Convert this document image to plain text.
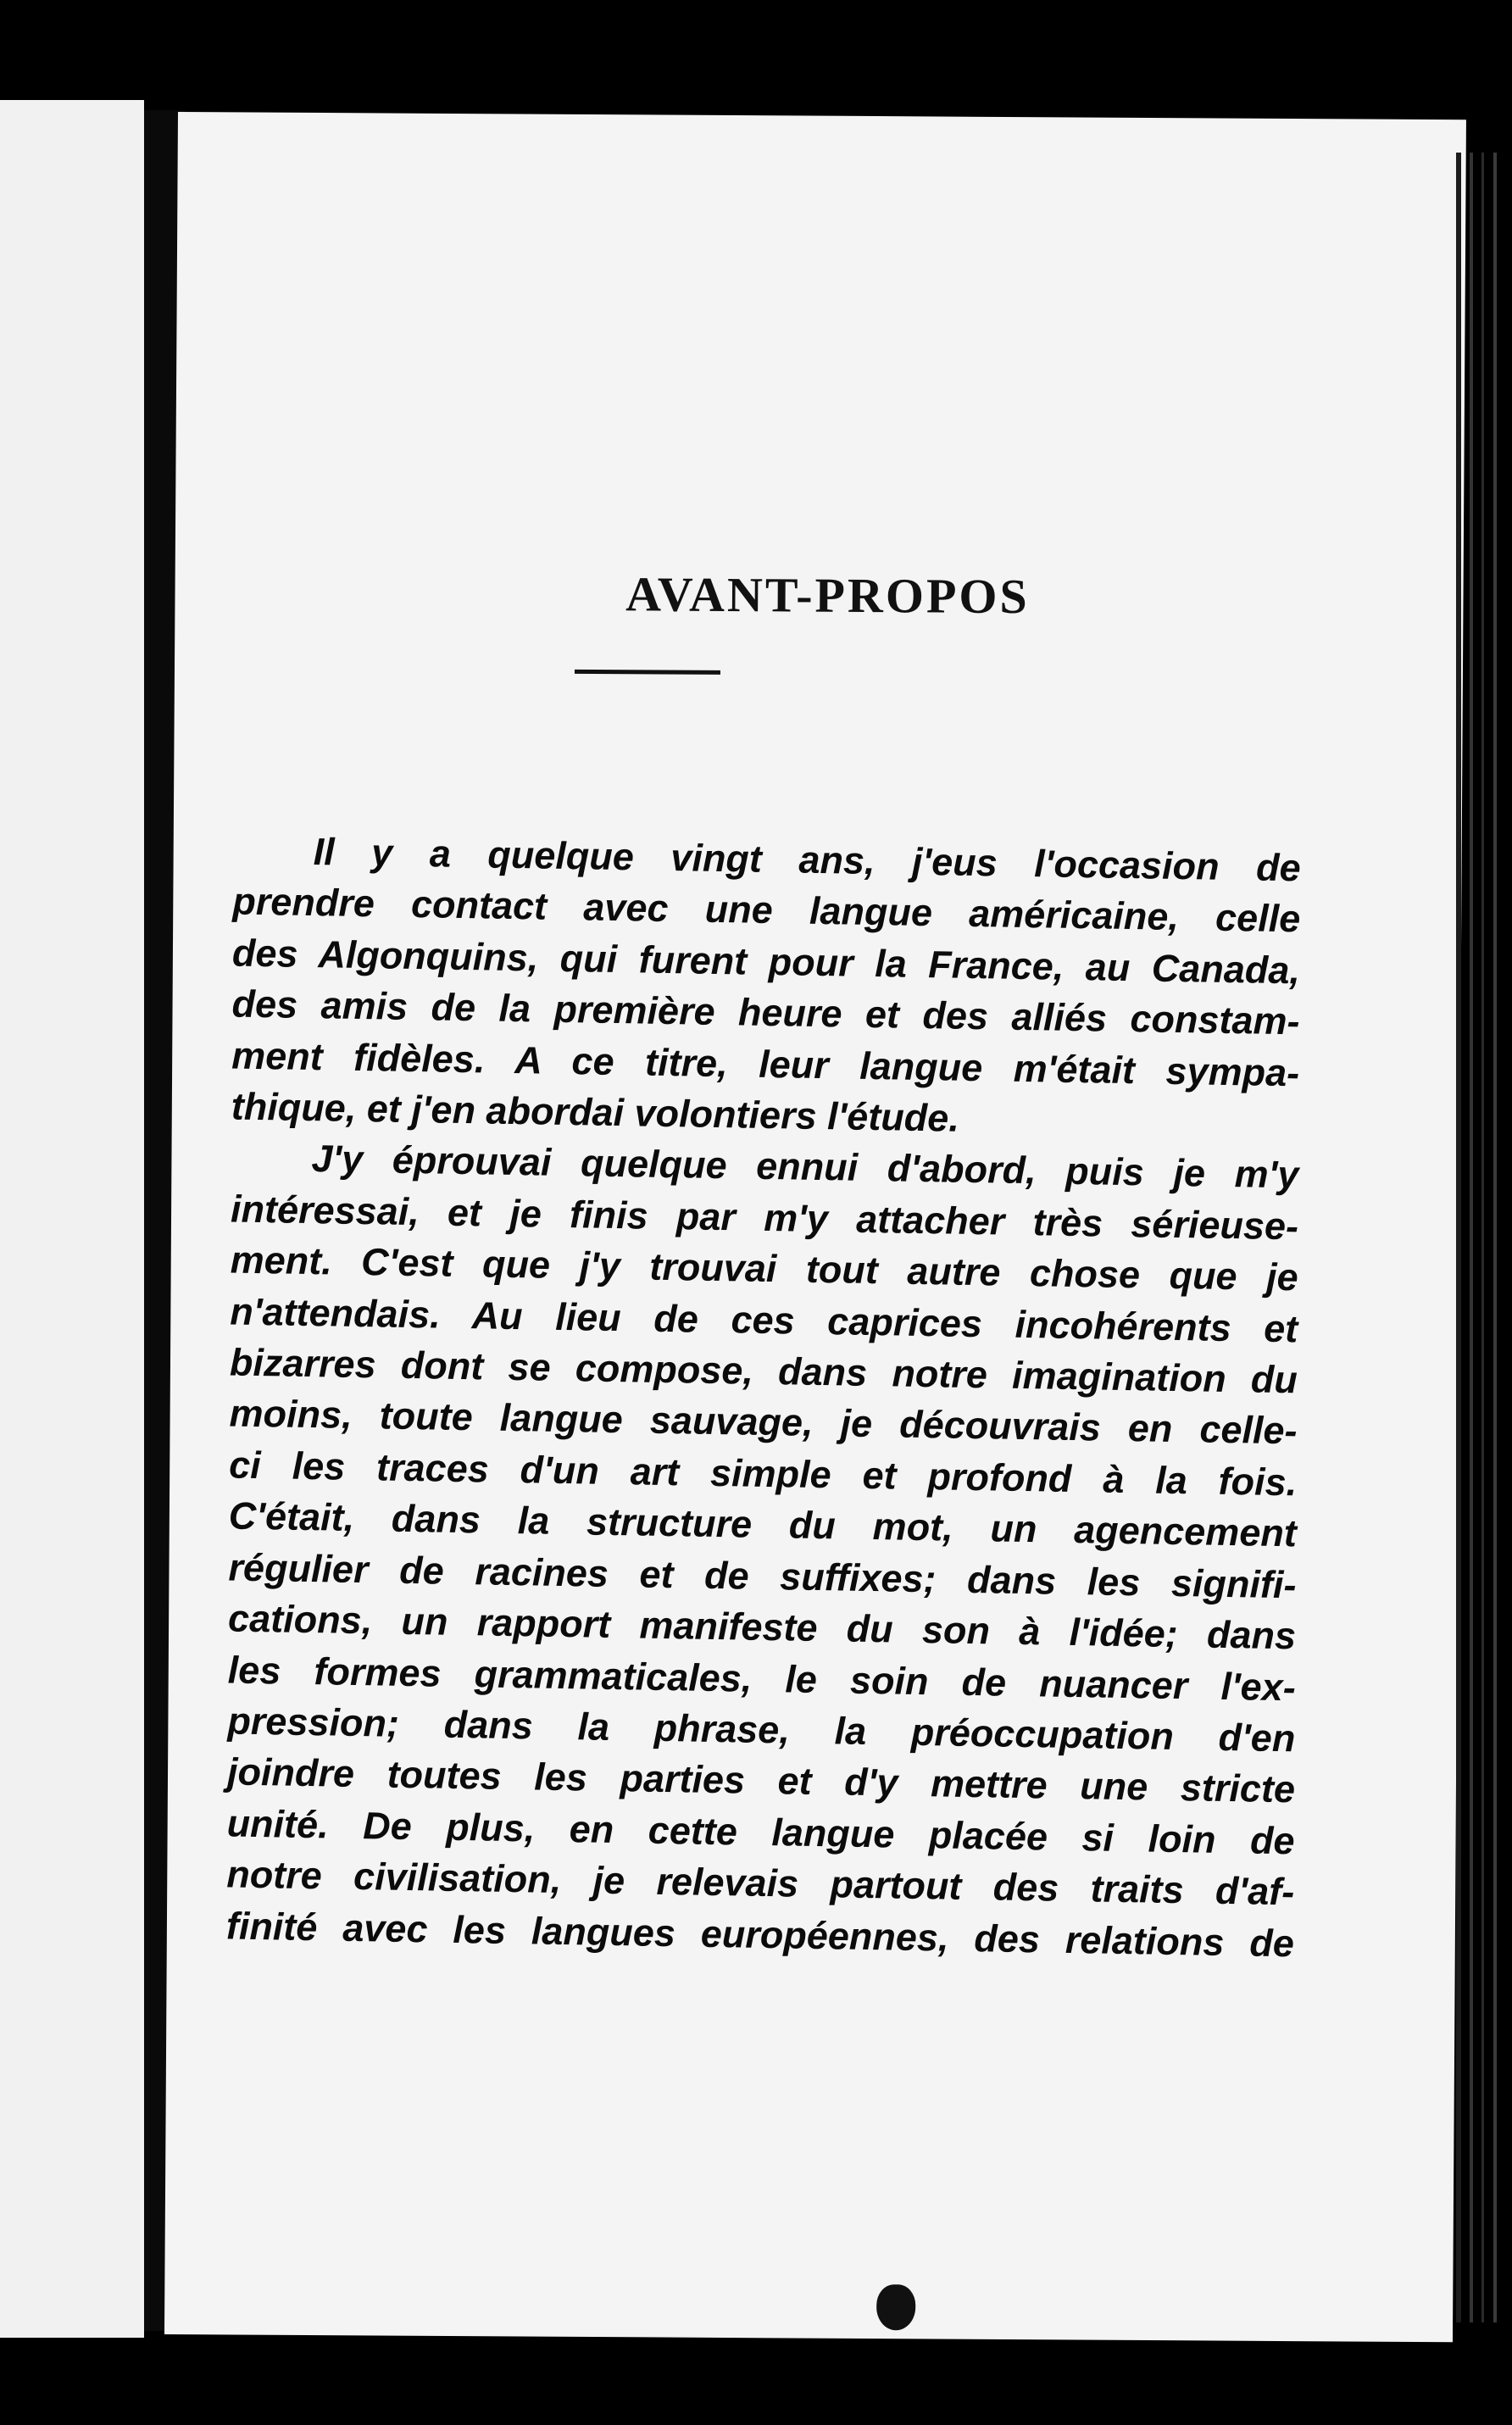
AVANT-PROPOS
Il y a quelque vingt ans, j'eus l'occasion de
prendre contact avec une langue américaine, celle
des Algonquins, qui furent pour la France, au Canada,
des amis de la première heure et des alliés constam-
ment fidèles. A ce titre, leur langue m'était sympa-
thique, et j'en abordai volontiers l'étude.
J'y éprouvai quelque ennui d'abord, puis je m'y
intéressai, et je finis par m'y attacher très sérieuse-
ment. C'est que j'y trouvai tout autre chose que je
n'attendais. Au lieu de ces caprices incohérents et
bizarres dont se compose, dans notre imagination du
moins, toute langue sauvage, je découvrais en celle-
ci les traces d'un art simple et profond à la fois.
C'était, dans la structure du mot, un agencement
régulier de racines et de suffixes; dans les signifi-
cations, un rapport manifeste du son à l'idée; dans
les formes grammaticales, le soin de nuancer l'ex-
pression; dans la phrase, la préoccupation d'en
joindre toutes les parties et d'y mettre une stricte
unité. De plus, en cette langue placée si loin de
notre civilisation, je relevais partout des traits d'af-
finité avec les langues européennes, des relations de
